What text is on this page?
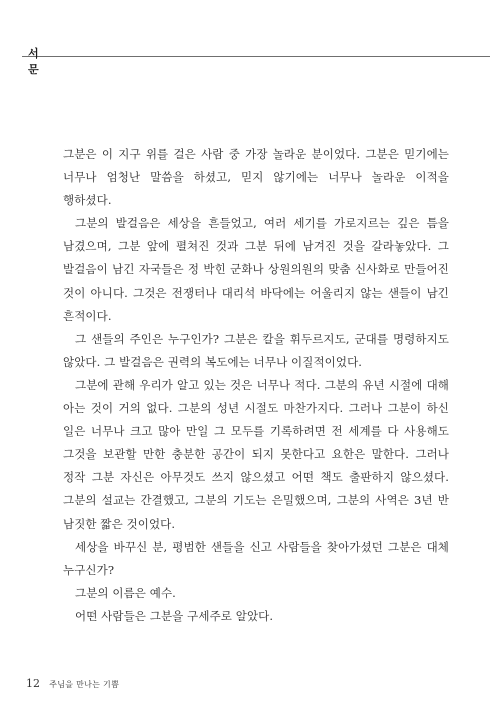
서
문

그분은 이 지구 위를 걸은 사람 중 가장 놀라운 분이었다. 그분은 믿기에는 너무나 엄청난 말씀을 하셨고, 믿지 않기에는 너무나 놀라운 이적을 행하셨다.

그분의 발걸음은 세상을 흔들었고, 여러 세기를 가로지르는 깊은 틈을 남겼으며, 그분 앞에 펼쳐진 것과 그분 뒤에 남겨진 것을 갈라놓았다. 그 발걸음이 남긴 자국들은 정 박힌 군화나 상원의원의 맞춤 신사화로 만들어진 것이 아니다. 그것은 전쟁터나 대리석 바닥에는 어울리지 않는 샌들이 남긴 흔적이다.

그 샌들의 주인은 누구인가? 그분은 칼을 휘두르지도, 군대를 명령하지도 않았다. 그 발걸음은 권력의 복도에는 너무나 이질적이었다.

그분에 관해 우리가 알고 있는 것은 너무나 적다. 그분의 유년 시절에 대해 아는 것이 거의 없다. 그분의 성년 시절도 마찬가지다. 그러나 그분이 하신 일은 너무나 크고 많아 만일 그 모두를 기록하려면 전 세계를 다 사용해도 그것을 보관할 만한 충분한 공간이 되지 못한다고 요한은 말한다. 그러나 정작 그분 자신은 아무것도 쓰지 않으셨고 어떤 책도 출판하지 않으셨다. 그분의 설교는 간결했고, 그분의 기도는 은밀했으며, 그분의 사역은 3년 반 남짓한 짧은 것이었다.

세상을 바꾸신 분, 평범한 샌들을 신고 사람들을 찾아가셨던 그분은 대체 누구신가?

그분의 이름은 예수.

어떤 사람들은 그분을 구세주로 알았다.

12 주님을 만나는 기쁨
